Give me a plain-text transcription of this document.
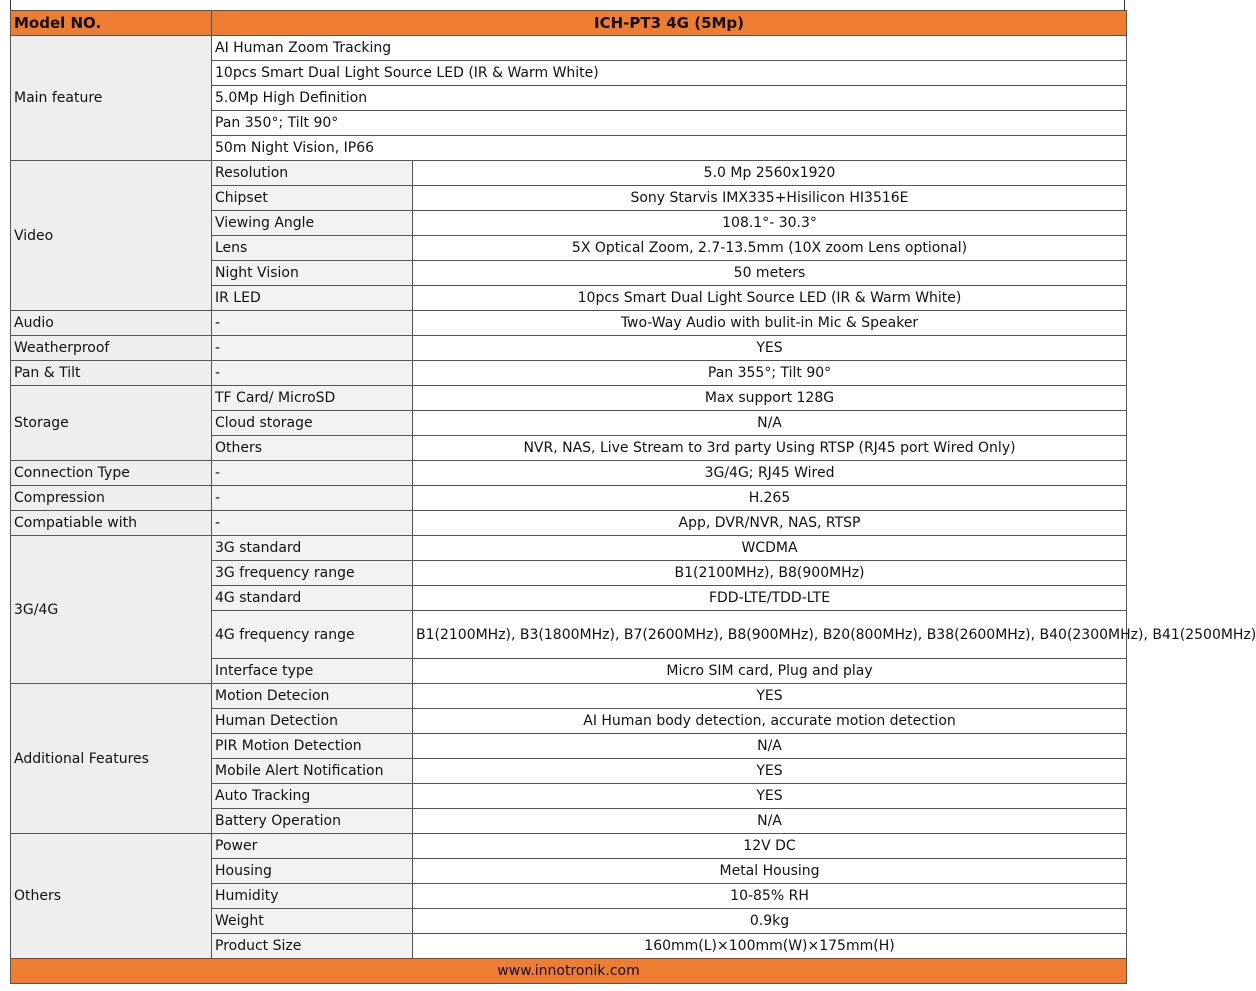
Model NO.	ICH-PT3 4G (5Mp)	
Main feature	AI Human Zoom Tracking	
	10pcs Smart Dual Light Source LED (IR & Warm White)	
	5.0Mp High Definition	
	Pan 350°; Tilt 90°	
	50m Night Vision, IP66	
Video	Resolution	5.0 Mp 2560x1920
	Chipset	Sony Starvis IMX335+Hisilicon HI3516E
	Viewing Angle	108.1°- 30.3°
	Lens	5X Optical Zoom, 2.7-13.5mm (10X zoom Lens optional)
	Night Vision	50 meters
	IR LED	10pcs Smart Dual Light Source LED (IR & Warm White)
Audio	-	Two-Way Audio with bulit-in Mic & Speaker
Weatherproof	-	YES
Pan & Tilt	-	Pan 355°; Tilt 90°
Storage	TF Card/ MicroSD	Max support 128G
	Cloud storage	N/A
	Others	NVR, NAS, Live Stream to 3rd party Using RTSP (RJ45 port Wired Only)
Connection Type	-	3G/4G; RJ45 Wired
Compression	-	H.265
Compatiable with	-	App, DVR/NVR, NAS, RTSP
3G/4G	3G standard	WCDMA
	3G frequency range	B1(2100MHz), B8(900MHz)
	4G standard	FDD-LTE/TDD-LTE
	4G frequency range	B1(2100MHz), B3(1800MHz), B7(2600MHz), B8(900MHz), B20(800MHz), B38(2600MHz), B40(2300MHz), B41(2500MHz)
	Interface type	Micro SIM card, Plug and play
Additional Features	Motion Detecion	YES
	Human Detection	AI Human body detection, accurate motion detection
	PIR Motion Detection	N/A
	Mobile Alert Notification	YES
	Auto Tracking	YES
	Battery Operation	N/A
Others	Power	12V DC
	Housing	Metal Housing
	Humidity	10-85% RH
	Weight	0.9kg
	Product Size	160mm(L)×100mm(W)×175mm(H)
www.innotronik.com		
